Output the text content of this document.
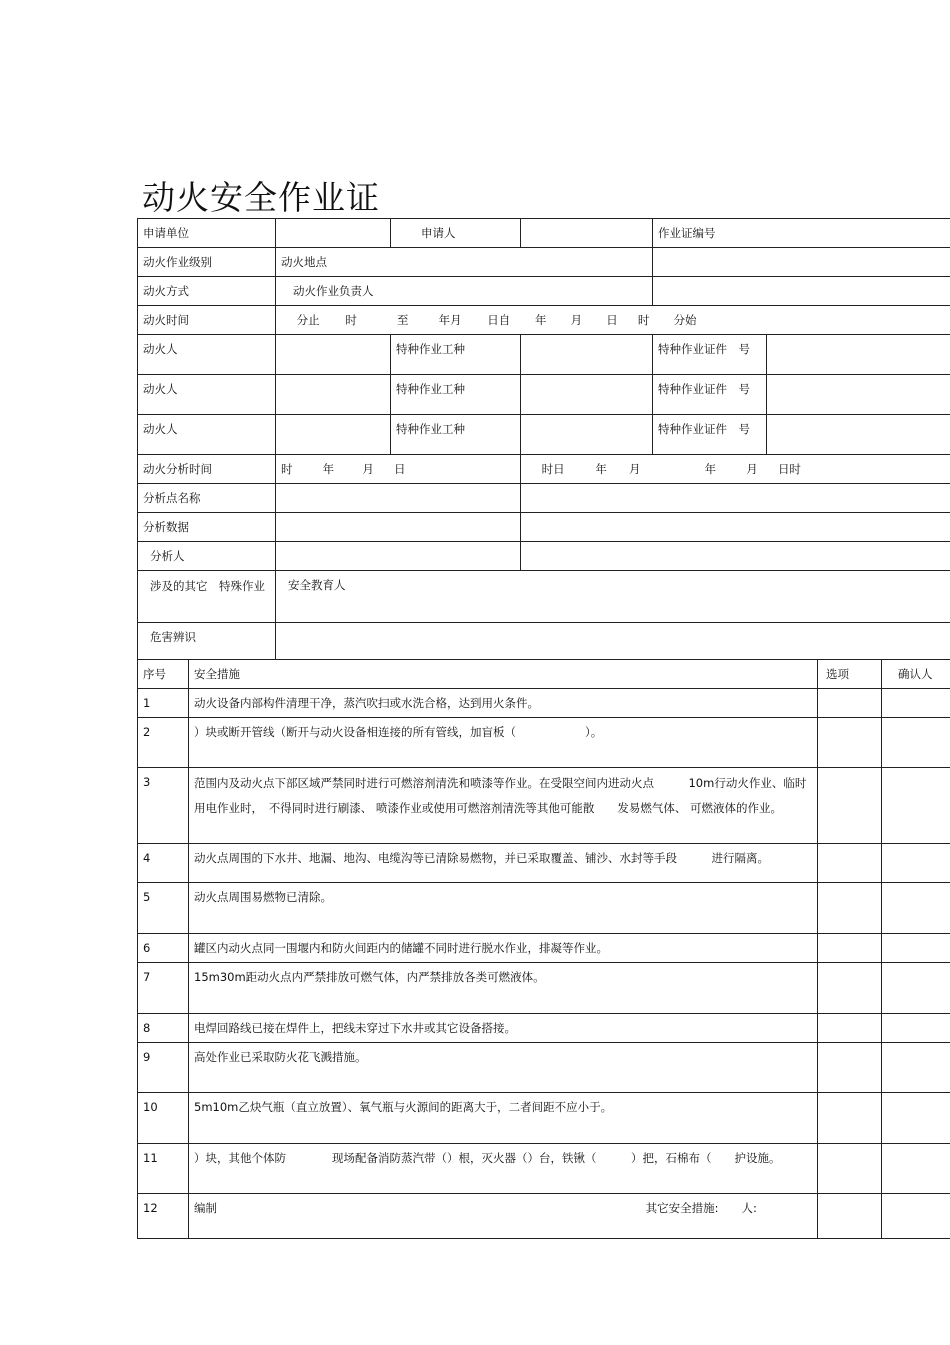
动火安全作业证
申请单位		申请人		作业证编号	
动火作业级别	动火地点				
动火方式	动火作业负责人				
动火时间	分止 时 至 年月 日自 年 月 日 时 分始				
动火人		特种作业工种		特种作业证件　号	
动火人		特种作业工种		特种作业证件　号	
动火人		特种作业工种		特种作业证件　号	
动火分析时间	时 年 月 日	时日 年 月 年 月 日时
分析点名称		
分析数据		
分析人		
涉及的其它　特殊作业	安全教育人	
危害辨识		
序号	安全措施	选项	确认人
1	动火设备内部构件清理干净，蒸汽吹扫或水洗合格，达到用火条件。		
2	）块或断开管线（断开与动火设备相连接的所有管线，加盲板（　　　　　　）。		
3	范围内及动火点下部区域严禁同时进行可燃溶剂清洗和喷漆等作业。在受限空间内进动火点　　　10m行动火作业、临时用电作业时，　不得同时进行刷漆、 喷漆作业或使用可燃溶剂清洗等其他可能散　　发易燃气体、 可燃液体的作业。		
4	动火点周围的下水井、地漏、地沟、电缆沟等已清除易燃物，并已采取覆盖、铺沙、水封等手段　　　进行隔离。		
5	动火点周围易燃物已清除。		
6	罐区内动火点同一围堰内和防火间距内的储罐不同时进行脱水作业，排凝等作业。		
7	15m30m距动火点内严禁排放可燃气体，内严禁排放各类可燃液体。		
8	电焊回路线已接在焊件上，把线未穿过下水井或其它设备搭接。		
9	高处作业已采取防火花飞溅措施。		
10	5m10m乙炔气瓶（直立放置）、氧气瓶与火源间的距离大于，二者间距不应小于。		
11	）块，其他个体防　　　　现场配备消防蒸汽带（）根，灭火器（）台，铁锹（　　　）把，石棉布（　　护设施。		
12	编制 其它安全措施:　　人:		
